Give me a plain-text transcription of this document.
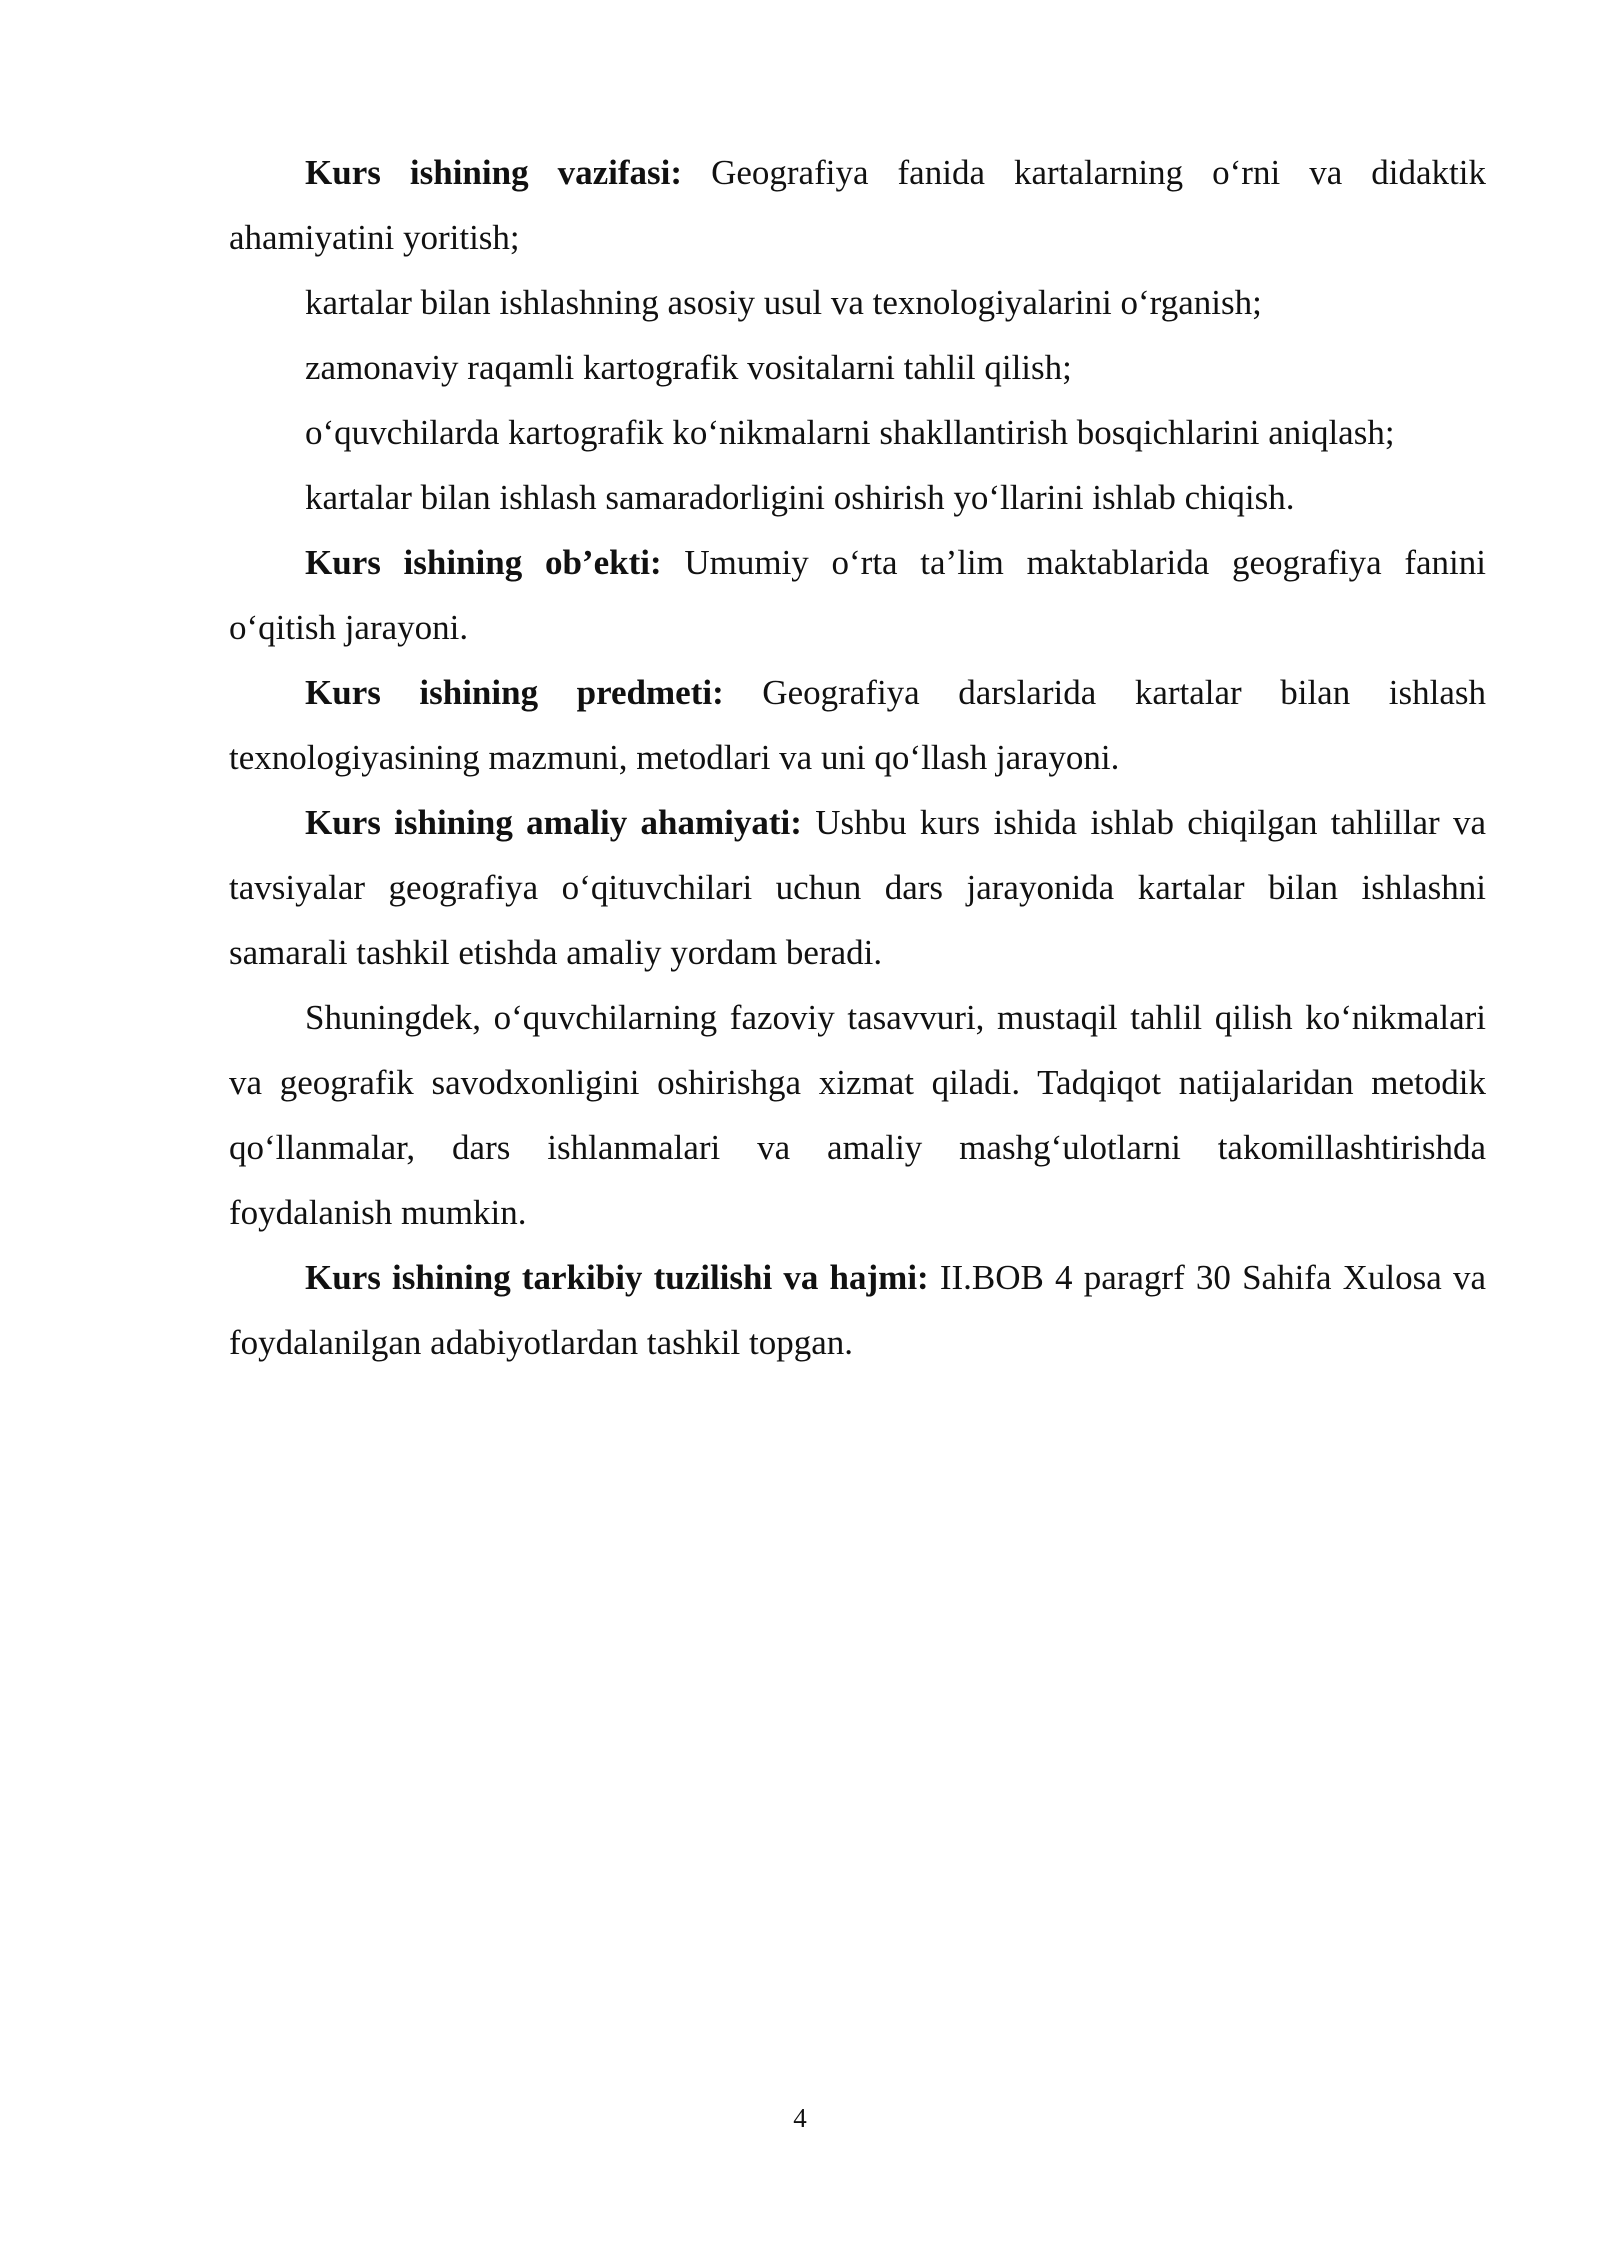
Kurs ishining vazifasi: Geografiya fanida kartalarning o‘rni va didaktik ahamiyatini yoritish;

kartalar bilan ishlashning asosiy usul va texnologiyalarini o‘rganish;

zamonaviy raqamli kartografik vositalarni tahlil qilish;

o‘quvchilarda kartografik ko‘nikmalarni shakllantirish bosqichlarini aniqlash;

kartalar bilan ishlash samaradorligini oshirish yo‘llarini ishlab chiqish.

Kurs ishining ob’ekti: Umumiy o‘rta ta’lim maktablarida geografiya fanini o‘qitish jarayoni.

Kurs ishining predmeti: Geografiya darslarida kartalar bilan ishlash texnologiyasining mazmuni, metodlari va uni qo‘llash jarayoni.

Kurs ishining amaliy ahamiyati: Ushbu kurs ishida ishlab chiqilgan tahlillar va tavsiyalar geografiya o‘qituvchilari uchun dars jarayonida kartalar bilan ishlashni samarali tashkil etishda amaliy yordam beradi.

Shuningdek, o‘quvchilarning fazoviy tasavvuri, mustaqil tahlil qilish ko‘nikmalari va geografik savodxonligini oshirishga xizmat qiladi. Tadqiqot natijalaridan metodik qo‘llanmalar, dars ishlanmalari va amaliy mashg‘ulotlarni takomillashtirishda foydalanish mumkin.

Kurs ishining tarkibiy tuzilishi va hajmi: II.BOB 4 paragrf 30 Sahifa Xulosa va foydalanilgan adabiyotlardan tashkil topgan.

4
